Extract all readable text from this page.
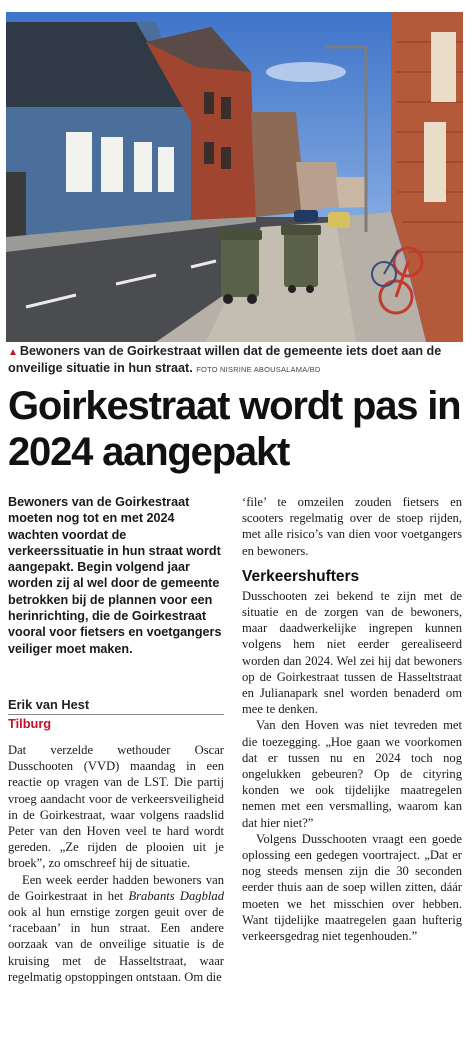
▲ Bewoners van de Goirkestraat willen dat de gemeente iets doet aan de onveilige situatie in hun straat. FOTO NISRINE ABOUSALAMA/BD
Goirkestraat wordt pas in 2024 aangepakt

Bewoners van de Goirkestraat moeten nog tot en met 2024 wachten voordat de verkeerssituatie in hun straat wordt aangepakt. Begin volgend jaar worden zij al wel door de gemeente betrokken bij de plannen voor een herinrichting, die de Goirkestraat vooral voor fietsers en voetgangers veiliger moet maken.

Erik van Hest
Tilburg

Dat verzelde wethouder Oscar Dusschooten (VVD) maandag in een reactie op vragen van de LST. Die partij vroeg aandacht voor de verkeersveiligheid in de Goirkestraat, waar volgens raadslid Peter van den Hoven veel te hard wordt gereden. „Ze rijden de plooien uit je broek”, zo omschreef hij de situatie.

Een week eerder hadden bewoners van de Goirkestraat in het Brabants Dagblad ook al hun ernstige zorgen geuit over de ‘racebaan’ in hun straat. Een andere oorzaak van de onveilige situatie is de kruising met de Hasseltstraat, waar regelmatig opstoppingen ontstaan. Om die

‘file’ te omzeilen zouden fietsers en scooters regelmatig over de stoep rijden, met alle risico’s van dien voor voetgangers en bewoners.

Verkeershufters

Dusschooten zei bekend te zijn met de situatie en de zorgen van de bewoners, maar daadwerkelijke ingrepen kunnen volgens hem niet eerder gerealiseerd worden dan 2024. Wel zei hij dat bewoners op de Goirkestraat tussen de Hasseltstraat en Julianapark snel worden benaderd om mee te denken.

Van den Hoven was niet tevreden met die toezegging. „Hoe gaan we voorkomen dat er tussen nu en 2024 toch nog ongelukken gebeuren? Op de cityring konden we ook tijdelijke maatregelen nemen met een versmalling, waarom kan dat hier niet?”

Volgens Dusschooten vraagt een goede oplossing een gedegen voortraject. „Dat er nog steeds mensen zijn die 30 seconden eerder thuis aan de soep willen zitten, dáár moeten we het misschien over hebben. Want tijdelijke maatregelen gaan hufterig verkeersgedrag niet tegenhouden.”
